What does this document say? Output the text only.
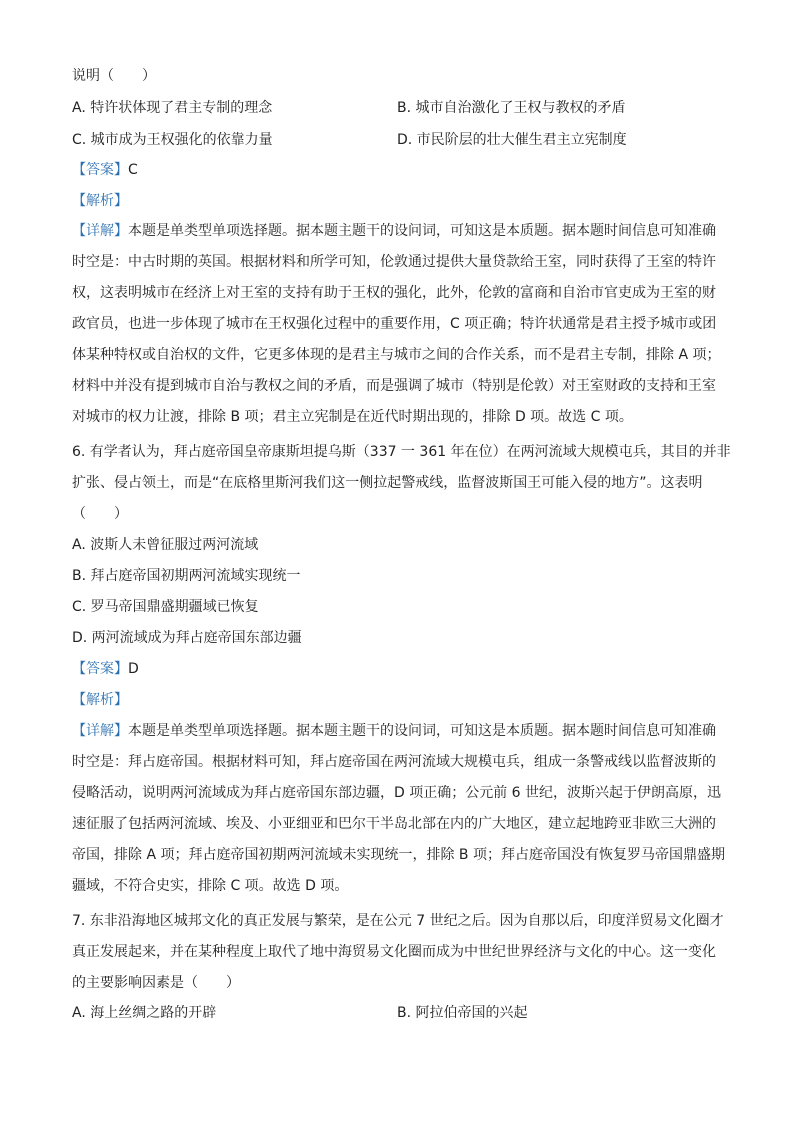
说明（　　）
A. 特许状体现了君主专制的理念	B. 城市自治激化了王权与教权的矛盾
C. 城市成为王权强化的依靠力量	D. 市民阶层的壮大催生君主立宪制度
【答案】C
【解析】
【详解】本题是单类型单项选择题。据本题主题干的设问词，可知这是本质题。据本题时间信息可知准确
时空是：中古时期的英国。根据材料和所学可知，伦敦通过提供大量贷款给王室，同时获得了王室的特许
权，这表明城市在经济上对王室的支持有助于王权的强化，此外，伦敦的富商和自治市官吏成为王室的财
政官员，也进一步体现了城市在王权强化过程中的重要作用，C 项正确；特许状通常是君主授予城市或团
体某种特权或自治权的文件，它更多体现的是君主与城市之间的合作关系，而不是君主专制，排除 A 项；
材料中并没有提到城市自治与教权之间的矛盾，而是强调了城市（特别是伦敦）对王室财政的支持和王室
对城市的权力让渡，排除 B 项；君主立宪制是在近代时期出现的，排除 D 项。故选 C 项。
6. 有学者认为，拜占庭帝国皇帝康斯坦提乌斯（337 一 361 年在位）在两河流域大规模屯兵，其目的并非
扩张、侵占领土，而是“在底格里斯河我们这一侧拉起警戒线，监督波斯国王可能入侵的地方”。这表明
（　　）
A. 波斯人未曾征服过两河流域
B. 拜占庭帝国初期两河流域实现统一
C. 罗马帝国鼎盛期疆域已恢复
D. 两河流域成为拜占庭帝国东部边疆
【答案】D
【解析】
【详解】本题是单类型单项选择题。据本题主题干的设问词，可知这是本质题。据本题时间信息可知准确
时空是：拜占庭帝国。根据材料可知，拜占庭帝国在两河流域大规模屯兵，组成一条警戒线以监督波斯的
侵略活动，说明两河流域成为拜占庭帝国东部边疆，D 项正确；公元前 6 世纪，波斯兴起于伊朗高原，迅
速征服了包括两河流域、埃及、小亚细亚和巴尔干半岛北部在内的广大地区，建立起地跨亚非欧三大洲的
帝国，排除 A 项；拜占庭帝国初期两河流域未实现统一，排除 B 项；拜占庭帝国没有恢复罗马帝国鼎盛期
疆域，不符合史实，排除 C 项。故选 D 项。
7. 东非沿海地区城邦文化的真正发展与繁荣，是在公元 7 世纪之后。因为自那以后，印度洋贸易文化圈才
真正发展起来，并在某种程度上取代了地中海贸易文化圈而成为中世纪世界经济与文化的中心。这一变化
的主要影响因素是（　　）
A. 海上丝绸之路的开辟	B. 阿拉伯帝国的兴起
